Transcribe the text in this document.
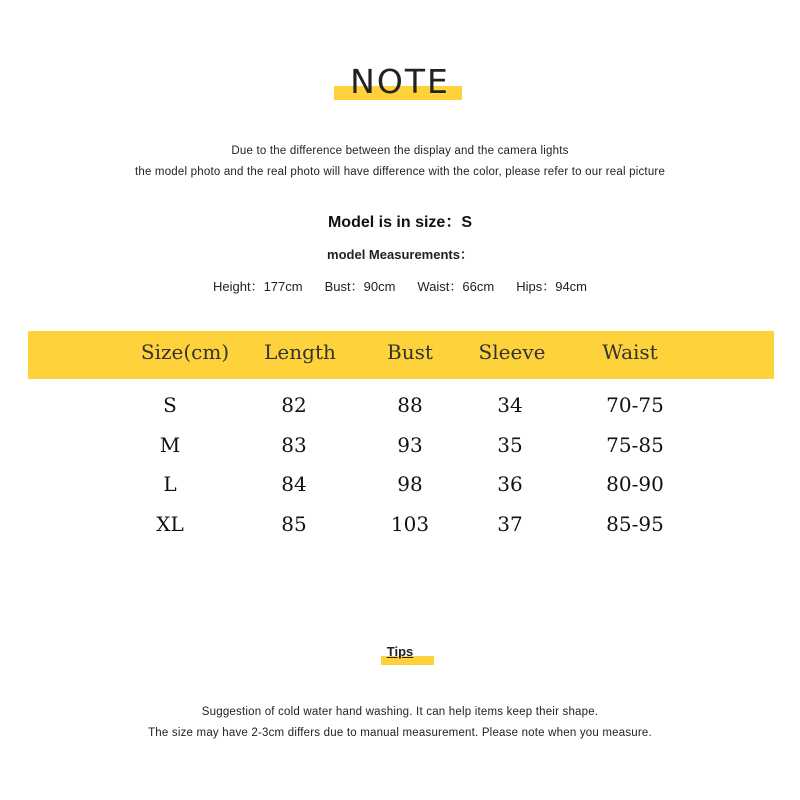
NOTE
Due to the difference between the display and the camera lights
the model photo and the real photo will have difference with the color, please refer to our real picture
Model is in size：S
model Measurements：
Height：177cm Bust：90cm Waist：66cm Hips：94cm
Size(cm)	Length	Bust	Sleeve	Waist
S	82	88	34	70-75
M	83	93	35	75-85
L	84	98	36	80-90
XL	85	103	37	85-95
Tips
Suggestion of cold water hand washing. It can help items keep their shape.
The size may have 2-3cm differs due to manual measurement. Please note when you measure.
